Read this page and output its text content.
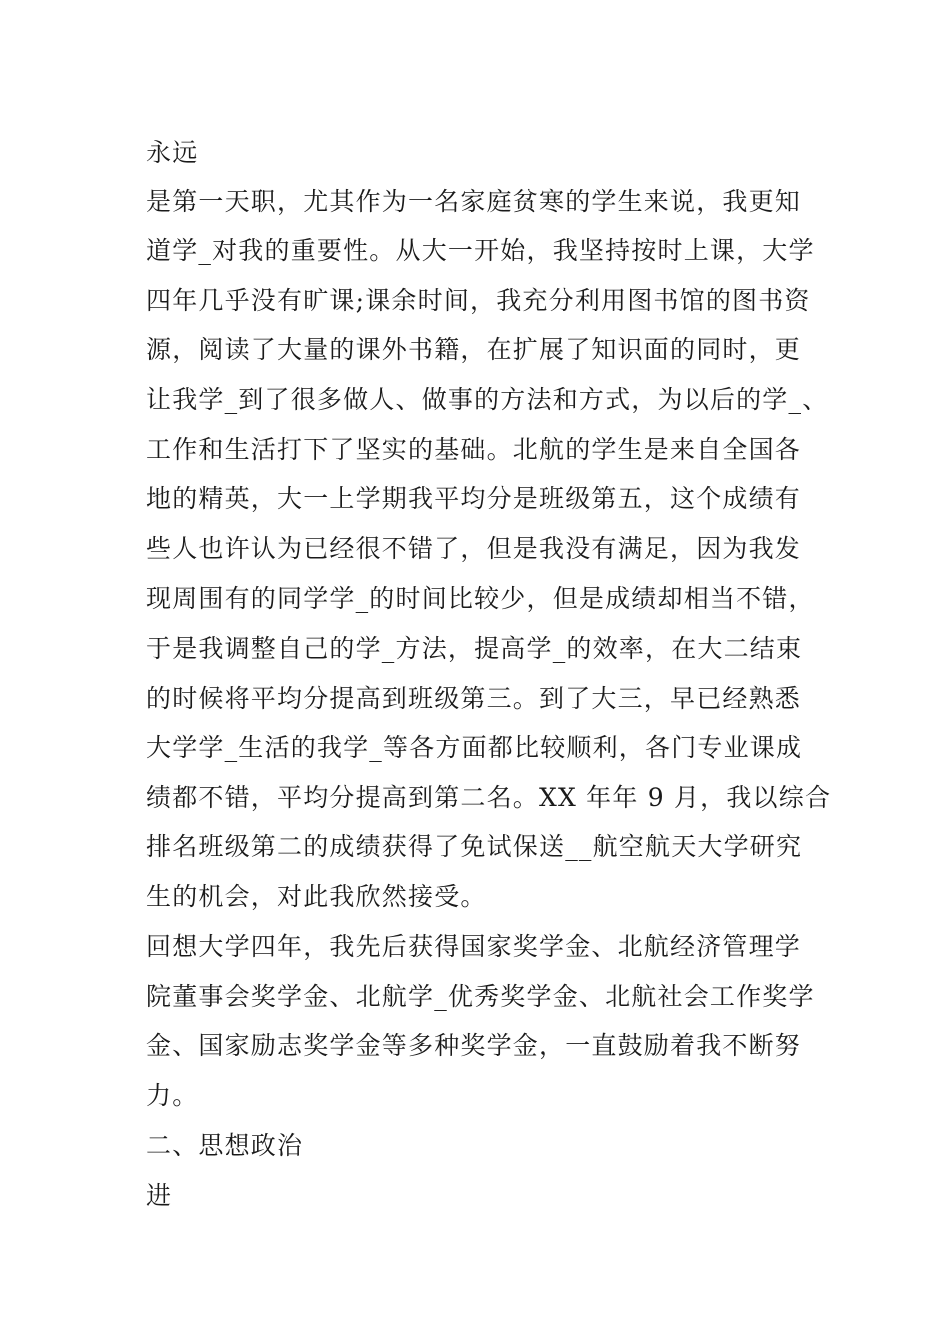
永远
是第一天职，尤其作为一名家庭贫寒的学生来说，我更知
道学_对我的重要性。从大一开始，我坚持按时上课，大学
四年几乎没有旷课;课余时间，我充分利用图书馆的图书资
源，阅读了大量的课外书籍，在扩展了知识面的同时，更
让我学_到了很多做人、做事的方法和方式，为以后的学_、
工作和生活打下了坚实的基础。北航的学生是来自全国各
地的精英，大一上学期我平均分是班级第五，这个成绩有
些人也许认为已经很不错了，但是我没有满足，因为我发
现周围有的同学学_的时间比较少，但是成绩却相当不错，
于是我调整自己的学_方法，提高学_的效率，在大二结束
的时候将平均分提高到班级第三。到了大三，早已经熟悉
大学学_生活的我学_等各方面都比较顺利，各门专业课成
绩都不错，平均分提高到第二名。XX 年年 9 月，我以综合
排名班级第二的成绩获得了免试保送__航空航天大学研究
生的机会，对此我欣然接受。
回想大学四年，我先后获得国家奖学金、北航经济管理学
院董事会奖学金、北航学_优秀奖学金、北航社会工作奖学
金、国家励志奖学金等多种奖学金，一直鼓励着我不断努
力。
二、思想政治
进
